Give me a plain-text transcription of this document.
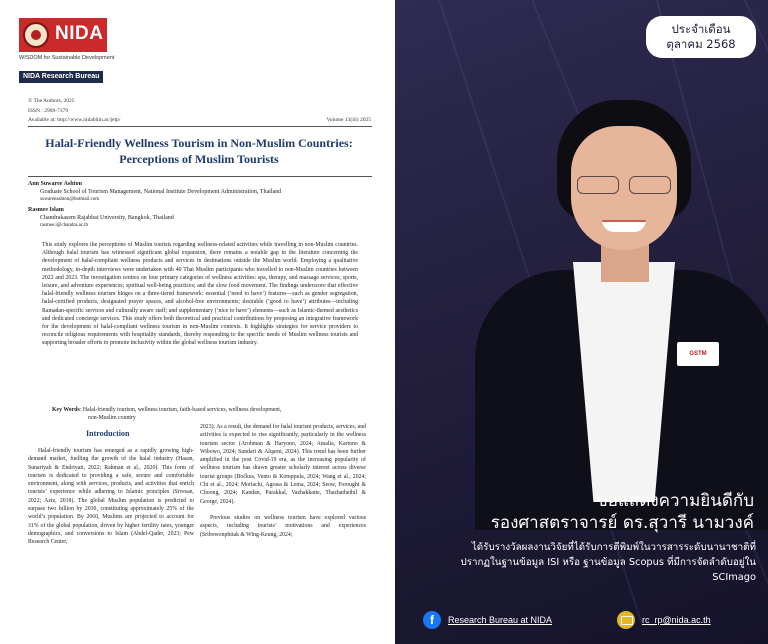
NIDA
WISDOM for Sustainable Development
NIDA Research Bureau
© The Authors, 2025
ISSN : 2909-7379
Available at: http://www.nidabilin.ac/jetp/	Volume 13(iii) 2025
Halal-Friendly Wellness Tourism in Non-Muslim Countries: Perceptions of Muslim Tourists
Ann Suwaree Ashton
Graduate School of Tourism Management, National Institute Development Administration, Thailand
suwareeashton@hotmail.com
Rasmee Islam
Chandrakasem Rajabhat University, Bangkok, Thailand
rasmee.i@chandra.ac.th
This study explores the perceptions of Muslim tourists regarding wellness-related activities while travelling in non-Muslim countries. Although halal tourism has witnessed significant global expansion, there remains a notable gap in the literature concerning the development of halal-compliant wellness products and services in destinations outside the Muslim world. Employing a qualitative methodology, in-depth interviews were undertaken with 40 Thai Muslim participants who travelled to non-Muslim countries between 2022 and 2023. The investigation centres on four primary categories of wellness activities: spa, therapy, and massage services; sports, leisure, and adventure experiences; spiritual well-being practices; and the slow food movement. The findings underscore that effective halal-friendly wellness tourism hinges on a three-tiered framework: essential (‘need to have’) features—such as gender segregation, halal-certified products, designated prayer spaces, and alcohol-free environments; desirable (‘good to have’) attributes—including Ramadan-specific services and culturally aware staff; and supplementary (‘nice to have’) elements—such as Islamic-themed aesthetics and dedicated concierge services. This study offers both theoretical and practical contributions by proposing an integrative framework for the development of halal-compliant wellness tourism in non-Muslim contexts. It highlights strategies for service providers to reconcile religious requirements with hospitality standards, thereby responding to the specific needs of Muslim wellness tourists and supporting broader efforts to promote inclusivity within the global wellness tourism industry.
Key Words: Halal-friendly tourism, wellness tourism, faith-based services, wellness development,
non-Muslim country
Introduction

Halal-friendly tourism has emerged as a rapidly growing high-demand market, fuelling the growth of the halal industry (Hasan, Sunariyah & Endriyati, 2022; Rahman et al., 2020). This form of tourism is dedicated to providing a safe, secure and comfortable environment, along with services, products, and activities that enrich tourists’ experience while adhering to Islamic principles (Sivesan, 2022; Aziz, 2018). The global Muslim population is predicted to surpass two billion by 2030, constituting approximately 25% of the world’s population. By 2060, Muslims are projected to account for 31% of the global population, driven by higher fertility rates, younger demographics, and conversions to Islam (Abdel-Qader, 2023; Pew Research Center,

2023). As a result, the demand for halal tourism products, services, and activities is expected to rise significantly, particularly in the wellness tourism sector (Arohman & Haryono, 2024; Amalia, Kartono & Wibowo, 2024; Sundari & Alqarni, 2024). This trend has been further amplified in the post Covid-19 era, as the increasing popularity of wellness tourism has drawn greater scholarly interest across diverse tourist groups (Bočkus, Vento & Komppula, 2024; Wang et al., 2024; Chi et al., 2024; Moriachi, Agrasa & Lema, 2024; Seow, Foroughi & Choong, 2024; Kandan, Parakkal, Vazhakkatte, Thazhathethil & George, 2024).

Previous studies on wellness tourism have explored various aspects, including tourists’ motivations and experiences (Sribowonphitak & Wing-Keung, 2024;

ประจำเดือน
ตุลาคม 2568
GSTM
ขอแสดงความยินดีกับ
รองศาสตราจารย์ ดร.สุวารี นามวงค์
ได้รับรางวัลผลงานวิจัยที่ได้รับการตีพิมพ์ในวารสารระดับนานาชาติที่
ปรากฏในฐานข้อมูล ISI หรือ ฐานข้อมูล Scopus ที่มีการจัดลำดับอยู่ใน
SCImago
f	Research Bureau at NIDA	rc_rp@nida.ac.th
